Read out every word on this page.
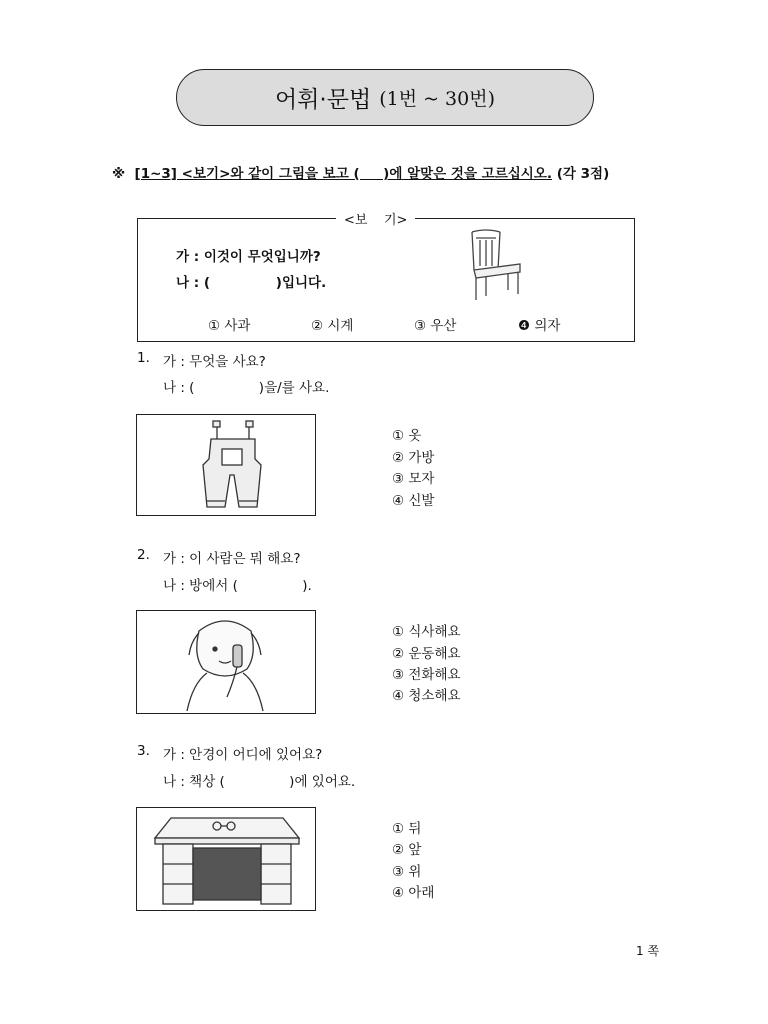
어휘·문법 (1번 ~ 30번)
※ [1~3] <보기>와 같이 그림을 보고 (     )에 알맞은 것을 고르십시오. (각 3점)
<보    기>
가 : 이것이 무엇입니까?
나 : (              )입니다.
① 사과	② 시계	③ 우산	❹ 의자
1. 가 : 무엇을 사요?
나 : (               )을/를 사요.
① 옷
② 가방
③ 모자
④ 신발
2. 가 : 이 사람은 뭐 해요?
나 : 방에서 (               ).
① 식사해요
② 운동해요
③ 전화해요
④ 청소해요
3. 가 : 안경이 어디에 있어요?
나 : 책상 (               )에 있어요.
① 뒤
② 앞
③ 위
④ 아래
1 쪽
